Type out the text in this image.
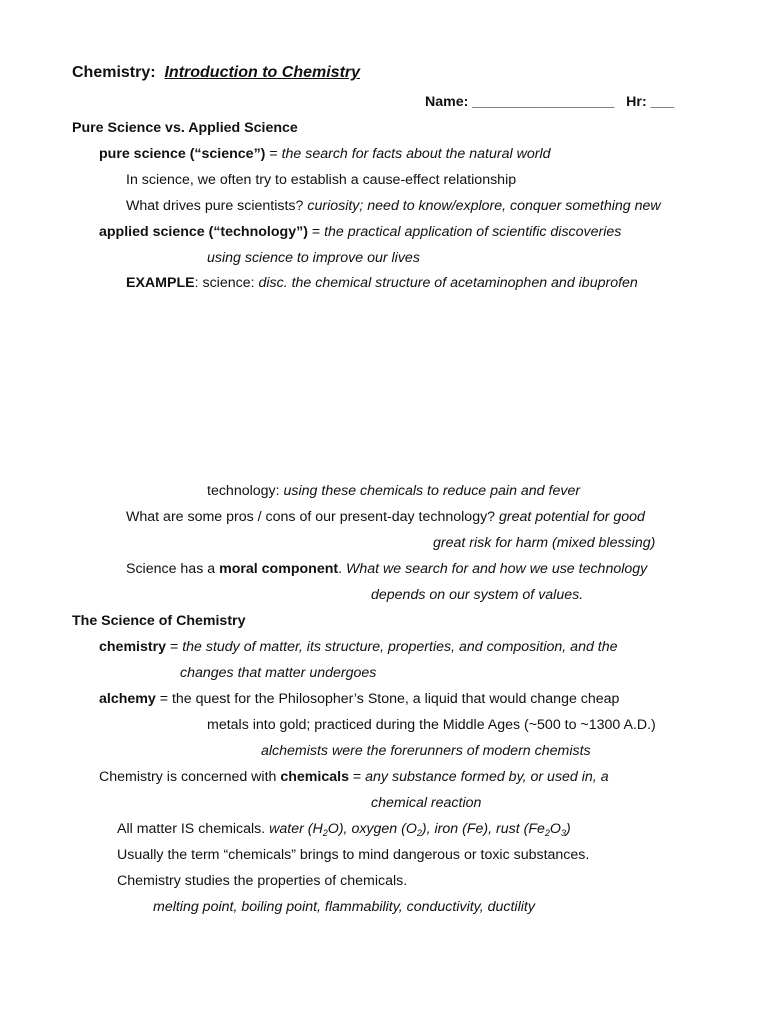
Chemistry: Introduction to Chemistry
Name: __________________ Hr: ___
Pure Science vs. Applied Science
pure science (“science”) = the search for facts about the natural world
In science, we often try to establish a cause-effect relationship
What drives pure scientists? curiosity; need to know/explore, conquer something new
applied science (“technology”) = the practical application of scientific discoveries
using science to improve our lives
EXAMPLE: science: disc. the chemical structure of acetaminophen and ibuprofen
technology: using these chemicals to reduce pain and fever
What are some pros / cons of our present-day technology? great potential for good
great risk for harm (mixed blessing)
Science has a moral component. What we search for and how we use technology
depends on our system of values.
The Science of Chemistry
chemistry = the study of matter, its structure, properties, and composition, and the
changes that matter undergoes
alchemy = the quest for the Philosopher’s Stone, a liquid that would change cheap
metals into gold; practiced during the Middle Ages (~500 to ~1300 A.D.)
alchemists were the forerunners of modern chemists
Chemistry is concerned with chemicals = any substance formed by, or used in, a
chemical reaction
All matter IS chemicals. water $(H_2O)$, oxygen $(O_2)$, iron (Fe), rust $(Fe_2O_3)$
Usually the term “chemicals” brings to mind dangerous or toxic substances.
Chemistry studies the properties of chemicals.
melting point, boiling point, flammability, conductivity, ductility
